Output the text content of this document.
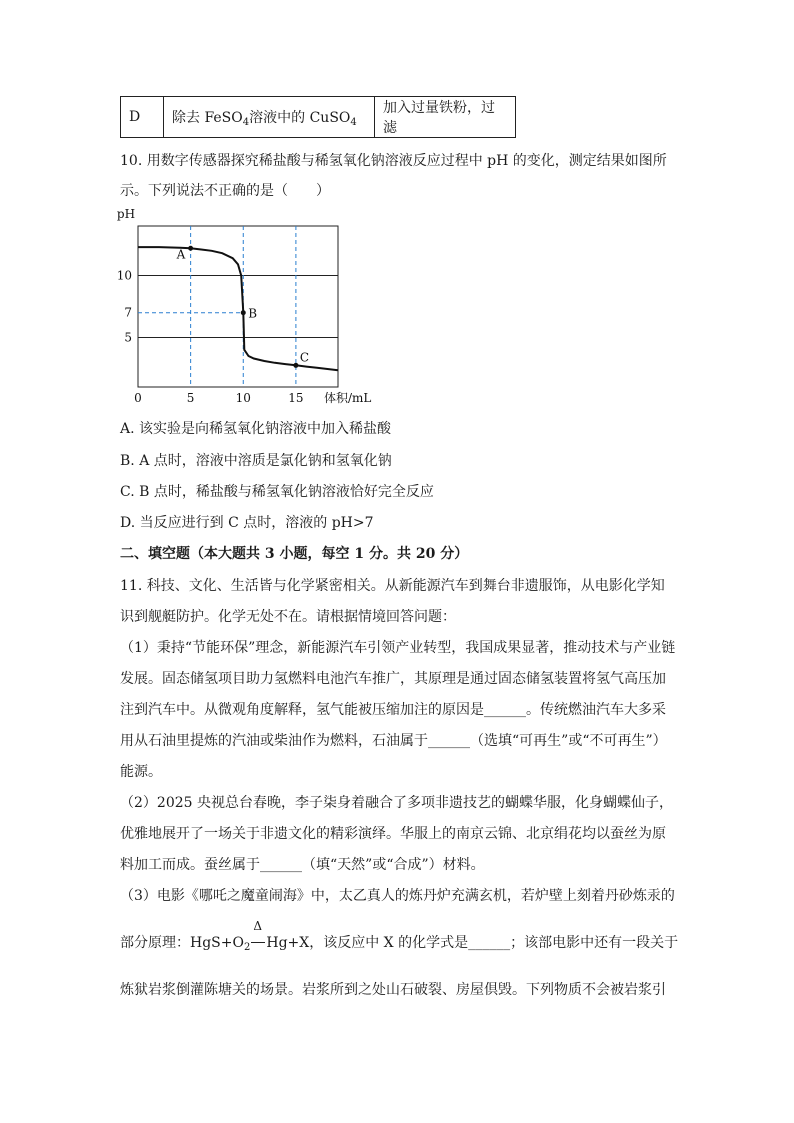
D	除去 FeSO$_4$溶液中的 CuSO$_4$	加入过量铁粉，过滤
10. 用数字传感器探究稀盐酸与稀氢氧化钠溶液反应过程中 pH 的变化，测定结果如图所
示。下列说法不正确的是（　　）
A
B
C
5
7
10
0	5	10	15
pH
体积/mL
A. 该实验是向稀氢氧化钠溶液中加入稀盐酸
B. A 点时，溶液中溶质是氯化钠和氢氧化钠
C. B 点时，稀盐酸与稀氢氧化钠溶液恰好完全反应
D. 当反应进行到 C 点时，溶液的 pH>7
二、填空题（本大题共 3 小题，每空 1 分。共 20 分）
11. 科技、文化、生活皆与化学紧密相关。从新能源汽车到舞台非遗服饰，从电影化学知
识到舰艇防护。化学无处不在。请根据情境回答问题：
（1）秉持“节能环保”理念，新能源汽车引领产业转型，我国成果显著，推动技术与产业链
发展。固态储氢项目助力氢燃料电池汽车推广，其原理是通过固态储氢装置将氢气高压加
注到汽车中。从微观角度解释，氢气能被压缩加注的原因是______。传统燃油汽车大多采
用从石油里提炼的汽油或柴油作为燃料，石油属于______（选填“可再生”或“不可再生”）
能源。
（2）2025 央视总台春晚，李子柒身着融合了多项非遗技艺的蝴蝶华服，化身蝴蝶仙子，
优雅地展开了一场关于非遗文化的精彩演绎。华服上的南京云锦、北京绢花均以蚕丝为原
料加工而成。蚕丝属于______（填“天然”或“合成”）材料。
（3）电影《哪吒之魔童闹海》中，太乙真人的炼丹炉充满玄机，若炉壁上刻着丹砂炼汞的
部分原理：$HgS+O_2$
Δ
Hg+X，该反应中 X 的化学式是______；该部电影中还有一段关于
炼狱岩浆倒灌陈塘关的场景。岩浆所到之处山石破裂、房屋倶毁。下列物质不会被岩浆引
